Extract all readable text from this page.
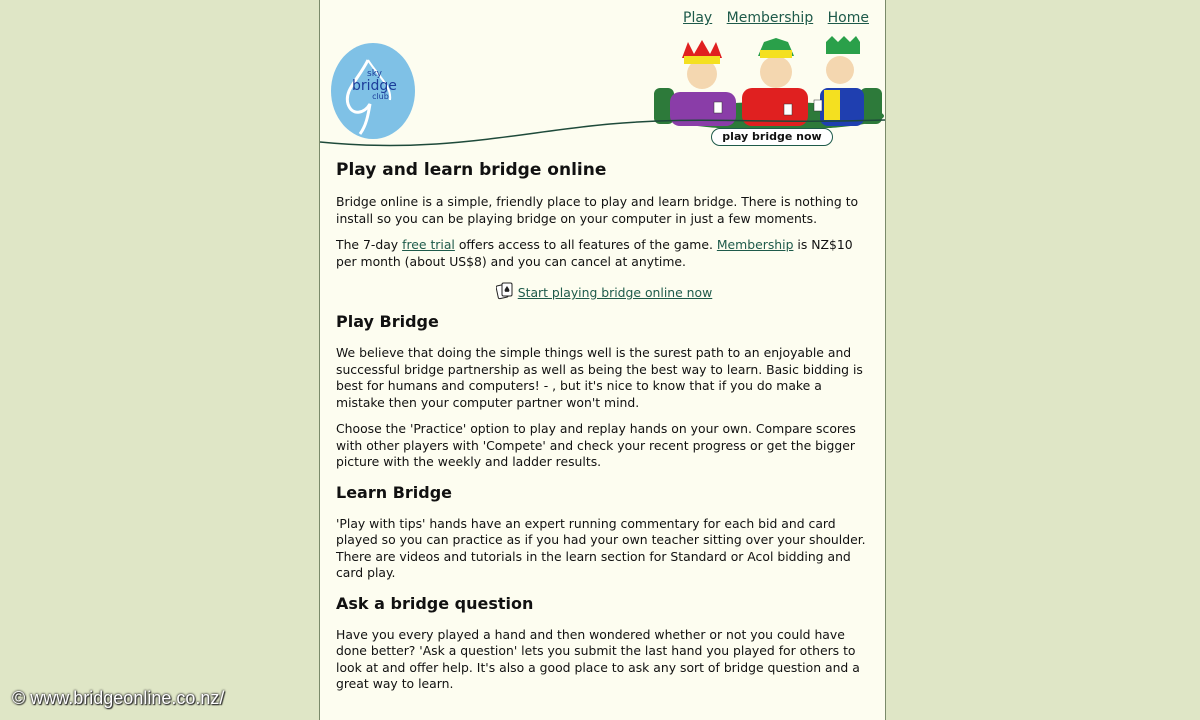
Play Membership Home
sky
bridge
club
play bridge now
Play and learn bridge online

Bridge online is a simple, friendly place to play and learn bridge. There is nothing to install so you can be playing bridge on your computer in just a few moments.

The 7-day free trial offers access to all features of the game. Membership is NZ$10 per month (about US$8) and you can cancel at anytime.

Start playing bridge online now
Play Bridge

We believe that doing the simple things well is the surest path to an enjoyable and successful bridge partnership as well as being the best way to learn. Basic bidding is best for humans and computers! - , but it's nice to know that if you do make a mistake then your computer partner won't mind.

Choose the 'Practice' option to play and replay hands on your own. Compare scores with other players with 'Compete' and check your recent progress or get the bigger picture with the weekly and ladder results.

Learn Bridge

'Play with tips' hands have an expert running commentary for each bid and card played so you can practice as if you had your own teacher sitting over your shoulder. There are videos and tutorials in the learn section for Standard or Acol bidding and card play.

Ask a bridge question

Have you every played a hand and then wondered whether or not you could have done better? 'Ask a question' lets you submit the last hand you played for others to look at and offer help. It's also a good place to ask any sort of bridge question and a great way to learn.

© www.bridgeonline.co.nz/
